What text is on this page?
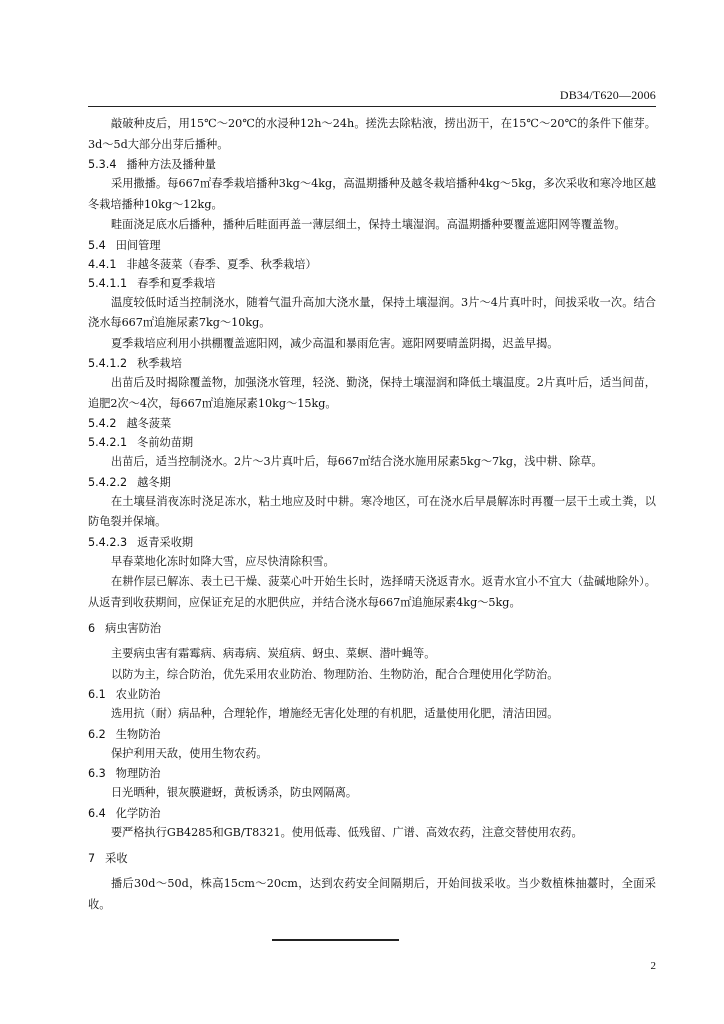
DB34/T620—2006

敲破种皮后，用15℃～20℃的水浸种12h～24h。搓洗去除粘液，捞出沥干，在15℃～20℃的条件下催芽。3d～5d大部分出芽后播种。

5.3.4 播种方法及播种量

采用撒播。每667㎡春季栽培播种3kg～4kg，高温期播种及越冬栽培播种4kg～5kg，多次采收和寒冷地区越冬栽培播种10kg～12kg。

畦面浇足底水后播种，播种后畦面再盖一薄层细土，保持土壤湿润。高温期播种要覆盖遮阳网等覆盖物。

5.4 田间管理
4.4.1 非越冬菠菜（春季、夏季、秋季栽培）
5.4.1.1 春季和夏季栽培

温度较低时适当控制浇水，随着气温升高加大浇水量，保持土壤湿润。3片～4片真叶时，间拔采收一次。结合浇水每667㎡追施尿素7kg～10kg。

夏季栽培应利用小拱棚覆盖遮阳网，减少高温和暴雨危害。遮阳网要晴盖阴揭，迟盖早揭。

5.4.1.2 秋季栽培

出苗后及时揭除覆盖物，加强浇水管理，轻浇、勤浇，保持土壤湿润和降低土壤温度。2片真叶后，适当间苗，追肥2次～4次，每667㎡追施尿素10kg～15kg。

5.4.2 越冬菠菜
5.4.2.1 冬前幼苗期

出苗后，适当控制浇水。2片～3片真叶后，每667㎡结合浇水施用尿素5kg～7kg，浅中耕、除草。

5.4.2.2 越冬期

在土壤昼消夜冻时浇足冻水，粘土地应及时中耕。寒冷地区，可在浇水后早晨解冻时再覆一层干土或土粪，以防龟裂并保墒。

5.4.2.3 返青采收期

早春菜地化冻时如降大雪，应尽快清除积雪。

在耕作层已解冻、表土已干燥、菠菜心叶开始生长时，选择晴天浇返青水。返青水宜小不宜大（盐碱地除外）。从返青到收获期间，应保证充足的水肥供应，并结合浇水每667㎡追施尿素4kg～5kg。

6 病虫害防治

主要病虫害有霜霉病、病毒病、炭疽病、蚜虫、菜螟、潜叶蝇等。

以防为主，综合防治，优先采用农业防治、物理防治、生物防治，配合合理使用化学防治。

6.1 农业防治

选用抗（耐）病品种，合理轮作，增施经无害化处理的有机肥，适量使用化肥，清洁田园。

6.2 生物防治

保护利用天敌，使用生物农药。

6.3 物理防治

日光晒种，银灰膜避蚜，黄板诱杀，防虫网隔离。

6.4 化学防治

要严格执行GB4285和GB/T8321。使用低毒、低残留、广谱、高效农药，注意交替使用农药。

7 采收

播后30d～50d，株高15cm～20cm，达到农药安全间隔期后，开始间拔采收。当少数植株抽薹时，全面采收。

2
